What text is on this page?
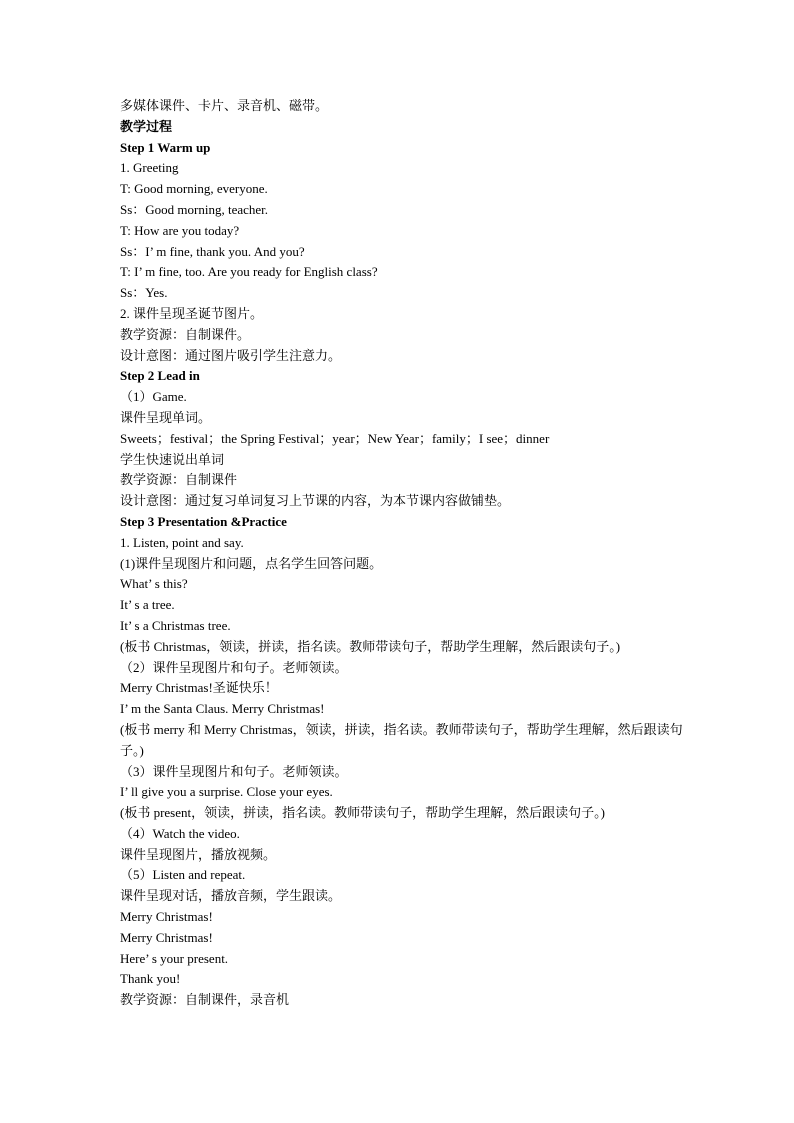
多媒体课件、卡片、录音机、磁带。
教学过程
Step 1 Warm up
1. Greeting
T: Good morning, everyone.
Ss：Good morning, teacher.
T: How are you today?
Ss：I’ m fine, thank you. And you?
T: I’ m fine, too. Are you ready for English class?
Ss：Yes.
2. 课件呈现圣诞节图片。
教学资源：自制课件。
设计意图：通过图片吸引学生注意力。
Step 2 Lead in
（1）Game.
课件呈现单词。
Sweets；festival；the Spring Festival；year；New Year；family；I see；dinner
学生快速说出单词
教学资源：自制课件
设计意图：通过复习单词复习上节课的内容，为本节课内容做铺垫。
Step 3 Presentation &Practice
1. Listen, point and say.
(1)课件呈现图片和问题，点名学生回答问题。
What’ s this?
It’ s a tree.
It’ s a Christmas tree.
(板书 Christmas，领读，拼读，指名读。教师带读句子，帮助学生理解，然后跟读句子。)
（2）课件呈现图片和句子。老师领读。
Merry Christmas!圣诞快乐！
I’ m the Santa Claus. Merry Christmas!
(板书 merry 和 Merry Christmas，领读，拼读，指名读。教师带读句子，帮助学生理解，然后跟读句子。)
（3）课件呈现图片和句子。老师领读。
I’ ll give you a surprise. Close your eyes.
(板书 present，领读，拼读，指名读。教师带读句子，帮助学生理解，然后跟读句子。)
（4）Watch the video.
课件呈现图片，播放视频。
（5）Listen and repeat.
课件呈现对话，播放音频，学生跟读。
Merry Christmas!
Merry Christmas!
Here’ s your present.
Thank you!
教学资源：自制课件，录音机
